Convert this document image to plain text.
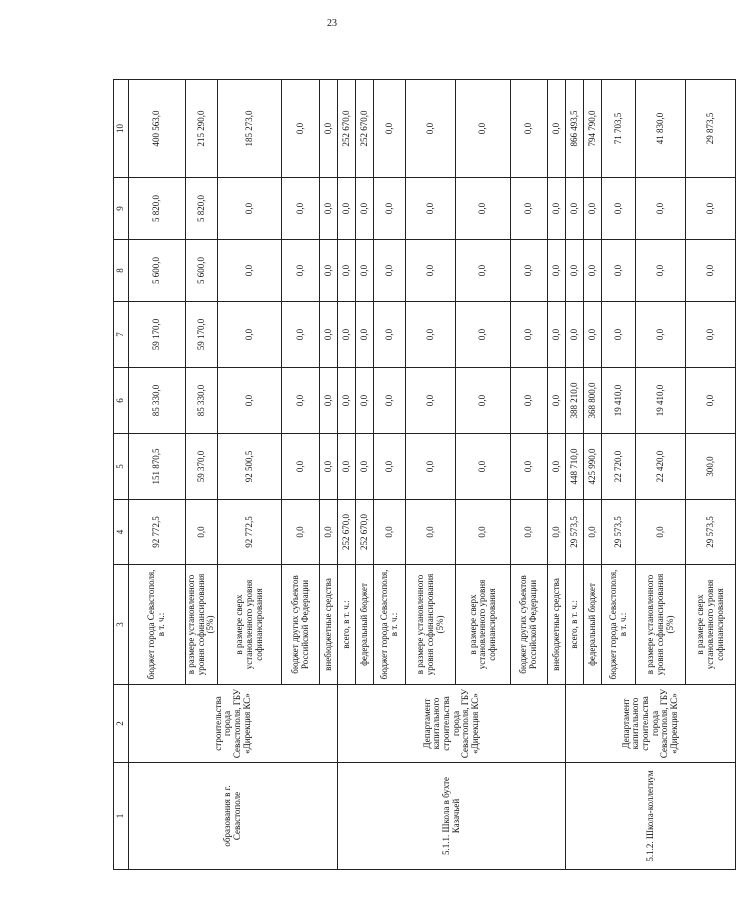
23
1	2	3	4	5	6	7	8	9	10
образования в г. Севастополе	строительства города Севастополя, ГБУ «Дирекция КС»	бюджет города Севастополя, в т. ч.:	92 772,5	151 870,5	85 330,0	59 170,0	5 600,0	5 820,0	400 563,0
		в размере установленного уровня софинансирования (5%)	0,0	59 370,0	85 330,0	59 170,0	5 600,0	5 820,0	215 290,0
		в размере сверх установленного уровня софинансирования	92 772,5	92 500,5	0,0	0,0	0,0	0,0	185 273,0
		бюджет других субъектов Российской Федерации	0,0	0,0	0,0	0,0	0,0	0,0	0,0
		внебюджетные средства	0,0	0,0	0,0	0,0	0,0	0,0	0,0
5.1.1. Школа в бухте Казачьей	Департамент капитального строительства города Севастополя, ГБУ «Дирекция КС»	всего, в т. ч.:	252 670,0	0,0	0,0	0,0	0,0	0,0	252 670,0
		федеральный бюджет	252 670,0	0,0	0,0	0,0	0,0	0,0	252 670,0
		бюджет города Севастополя, в т. ч.:	0,0	0,0	0,0	0,0	0,0	0,0	0,0
		в размере установленного уровня софинансирования (5%)	0,0	0,0	0,0	0,0	0,0	0,0	0,0
		в размере сверх установленного уровня софинансирования	0,0	0,0	0,0	0,0	0,0	0,0	0,0
		бюджет других субъектов Российской Федерации	0,0	0,0	0,0	0,0	0,0	0,0	0,0
		внебюджетные средства	0,0	0,0	0,0	0,0	0,0	0,0	0,0
5.1.2. Школа-коллегиум	Департамент капитального строительства города Севастополя, ГБУ «Дирекция КС»	всего, в т. ч.:	29 573,5	448 710,0	388 210,0	0,0	0,0	0,0	866 493,5
		федеральный бюджет	0,0	425 990,0	368 800,0	0,0	0,0	0,0	794 790,0
		бюджет города Севастополя, в т. ч.:	29 573,5	22 720,0	19 410,0	0,0	0,0	0,0	71 703,5
		в размере установленного уровня софинансирования (5%)	0,0	22 420,0	19 410,0	0,0	0,0	0,0	41 830,0
		в размере сверх установленного уровня софинансирования	29 573,5	300,0	0,0	0,0	0,0	0,0	29 873,5
